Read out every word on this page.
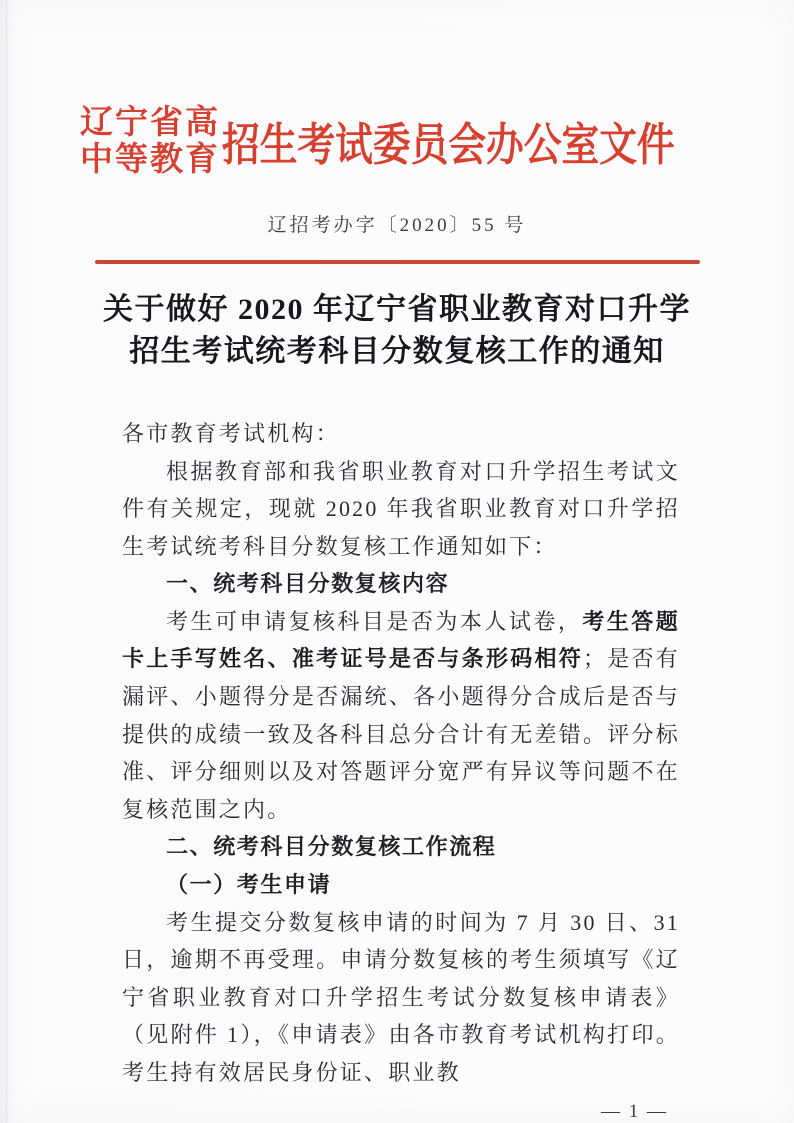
辽宁省高
中等教育 招生考试委员会办公室文件
辽招考办字〔2020〕55 号
关于做好 2020 年辽宁省职业教育对口升学
招生考试统考科目分数复核工作的通知

各市教育考试机构：

根据教育部和我省职业教育对口升学招生考试文件有关规定，现就 2020 年我省职业教育对口升学招生考试统考科目分数复核工作通知如下：

一、统考科目分数复核内容

考生可申请复核科目是否为本人试卷，考生答题卡上手写姓名、准考证号是否与条形码相符；是否有漏评、小题得分是否漏统、各小题得分合成后是否与提供的成绩一致及各科目总分合计有无差错。评分标准、评分细则以及对答题评分宽严有异议等问题不在复核范围之内。

二、统考科目分数复核工作流程

（一）考生申请

考生提交分数复核申请的时间为 7 月 30 日、31 日，逾期不再受理。申请分数复核的考生须填写《辽宁省职业教育对口升学招生考试分数复核申请表》（见附件 1），《申请表》由各市教育考试机构打印。考生持有效居民身份证、职业教

— 1 —
